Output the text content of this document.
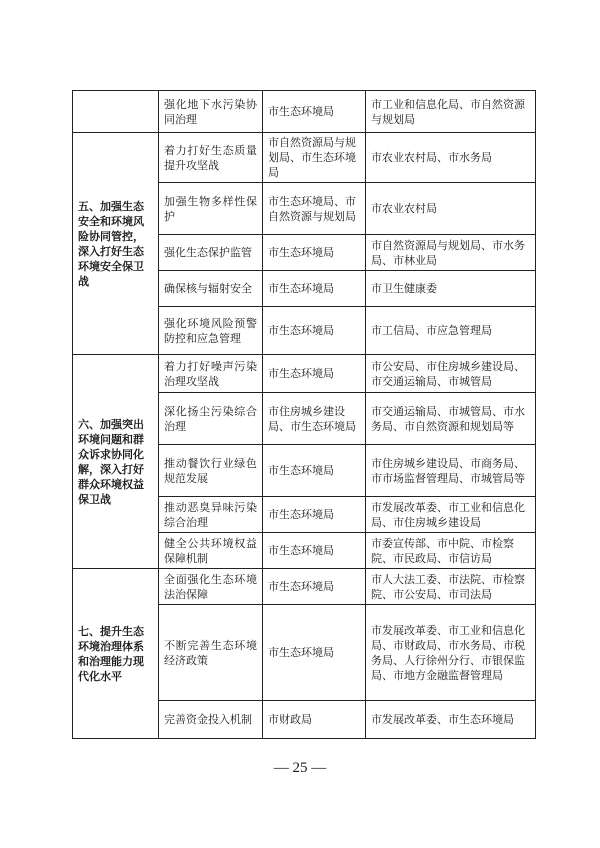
	强化地下水污染协同治理	市生态环境局	市工业和信息化局、市自然资源与规划局
五、加强生态安全和环境风险协同管控，深入打好生态环境安全保卫战	着力打好生态质量提升攻坚战	市自然资源局与规划局、市生态环境局	市农业农村局、市水务局
	加强生物多样性保护	市生态环境局、市自然资源与规划局	市农业农村局
	强化生态保护监管	市生态环境局	市自然资源局与规划局、市水务局、市林业局
	确保核与辐射安全	市生态环境局	市卫生健康委
	强化环境风险预警防控和应急管理	市生态环境局	市工信局、市应急管理局
六、加强突出环境问题和群众诉求协同化解，深入打好群众环境权益保卫战	着力打好噪声污染治理攻坚战	市生态环境局	市公安局、市住房城乡建设局、市交通运输局、市城管局
	深化扬尘污染综合治理	市住房城乡建设局、市生态环境局	市交通运输局、市城管局、市水务局、市自然资源和规划局等
	推动餐饮行业绿色规范发展	市生态环境局	市住房城乡建设局、市商务局、市市场监督管理局、市城管局等
	推动恶臭异味污染综合治理	市生态环境局	市发展改革委、市工业和信息化局、市住房城乡建设局
	健全公共环境权益保障机制	市生态环境局	市委宣传部、市中院、市检察院、市民政局、市信访局
七、提升生态环境治理体系和治理能力现代化水平	全面强化生态环境法治保障	市生态环境局	市人大法工委、市法院、市检察院、市公安局、市司法局
	不断完善生态环境经济政策	市生态环境局	市发展改革委、市工业和信息化局、市财政局、市水务局、市税务局、人行徐州分行、市银保监局、市地方金融监督管理局
	完善资金投入机制	市财政局	市发展改革委、市生态环境局
— 25 —
